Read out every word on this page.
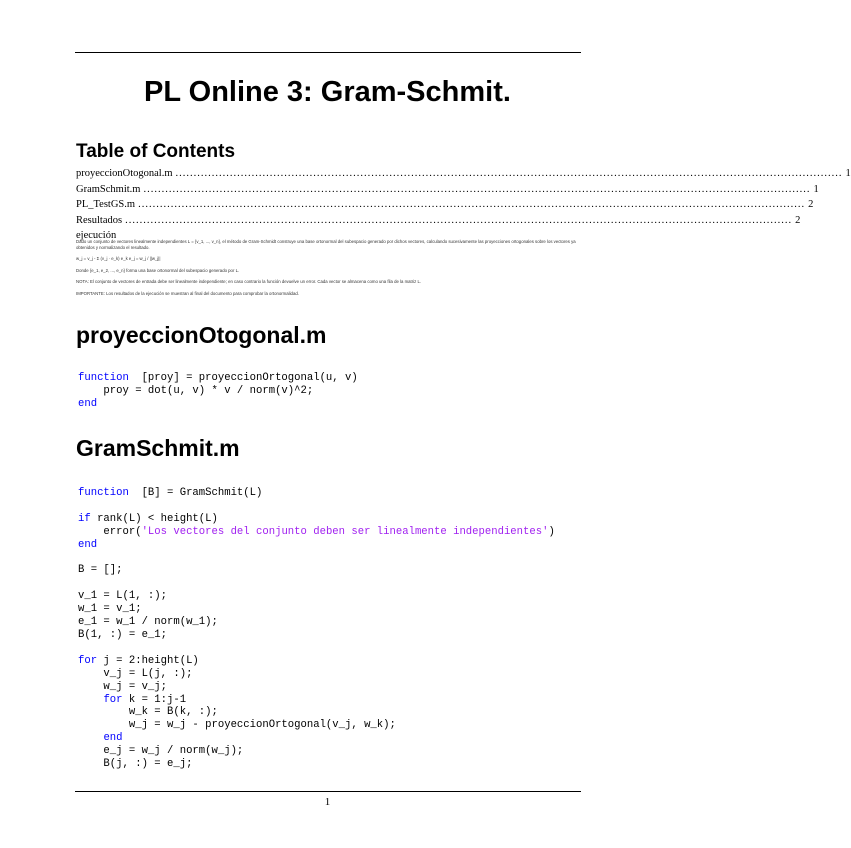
PL Online 3: Gram-Schmit.
Table of Contents
proyeccionOtogonal.m ........................................................................................................................................................................................ 1
GramSchmit.m ........................................................................................................................................................................................ 1
PL_TestGS.m ........................................................................................................................................................................................ 2
Resultados ejecución
........................................................................................................................................................................................ 2

Dado un conjunto de vectores linealmente independientes L = {v_1, ..., v_n}, el método de Gram-Schmidt construye una base ortonormal del subespacio generado por dichos vectores, calculando sucesivamente las proyecciones ortogonales sobre los vectores ya obtenidos y normalizando el resultado.

w_j = v_j - Σ (v_j · e_k) e_k e_j = w_j / ||w_j||

Donde {e_1, e_2, ..., e_n} forma una base ortonormal del subespacio generado por L.

NOTA: El conjunto de vectores de entrada debe ser linealmente independiente; en caso contrario la función devuelve un error. Cada vector se almacena como una fila de la matriz L.

IMPORTANTE: Los resultados de la ejecución se muestran al final del documento para comprobar la ortonormalidad.

proyeccionOtogonal.m
function  [proy] = proyeccionOrtogonal(u, v)
proy = dot(u, v) * v / norm(v)^2;
end
GramSchmit.m
function  [B] = GramSchmit(L)

if rank(L) < height(L)
error('Los vectores del conjunto deben ser linealmente independientes')
end

B = [];

v_1 = L(1, :);
w_1 = v_1;
e_1 = w_1 / norm(w_1);
B(1, :) = e_1;

for j = 2:height(L)
v_j = L(j, :);
w_j = v_j;
for k = 1:j-1
w_k = B(k, :);
w_j = w_j - proyeccionOrtogonal(v_j, w_k);
end
e_j = w_j / norm(w_j);
B(j, :) = e_j;
1
